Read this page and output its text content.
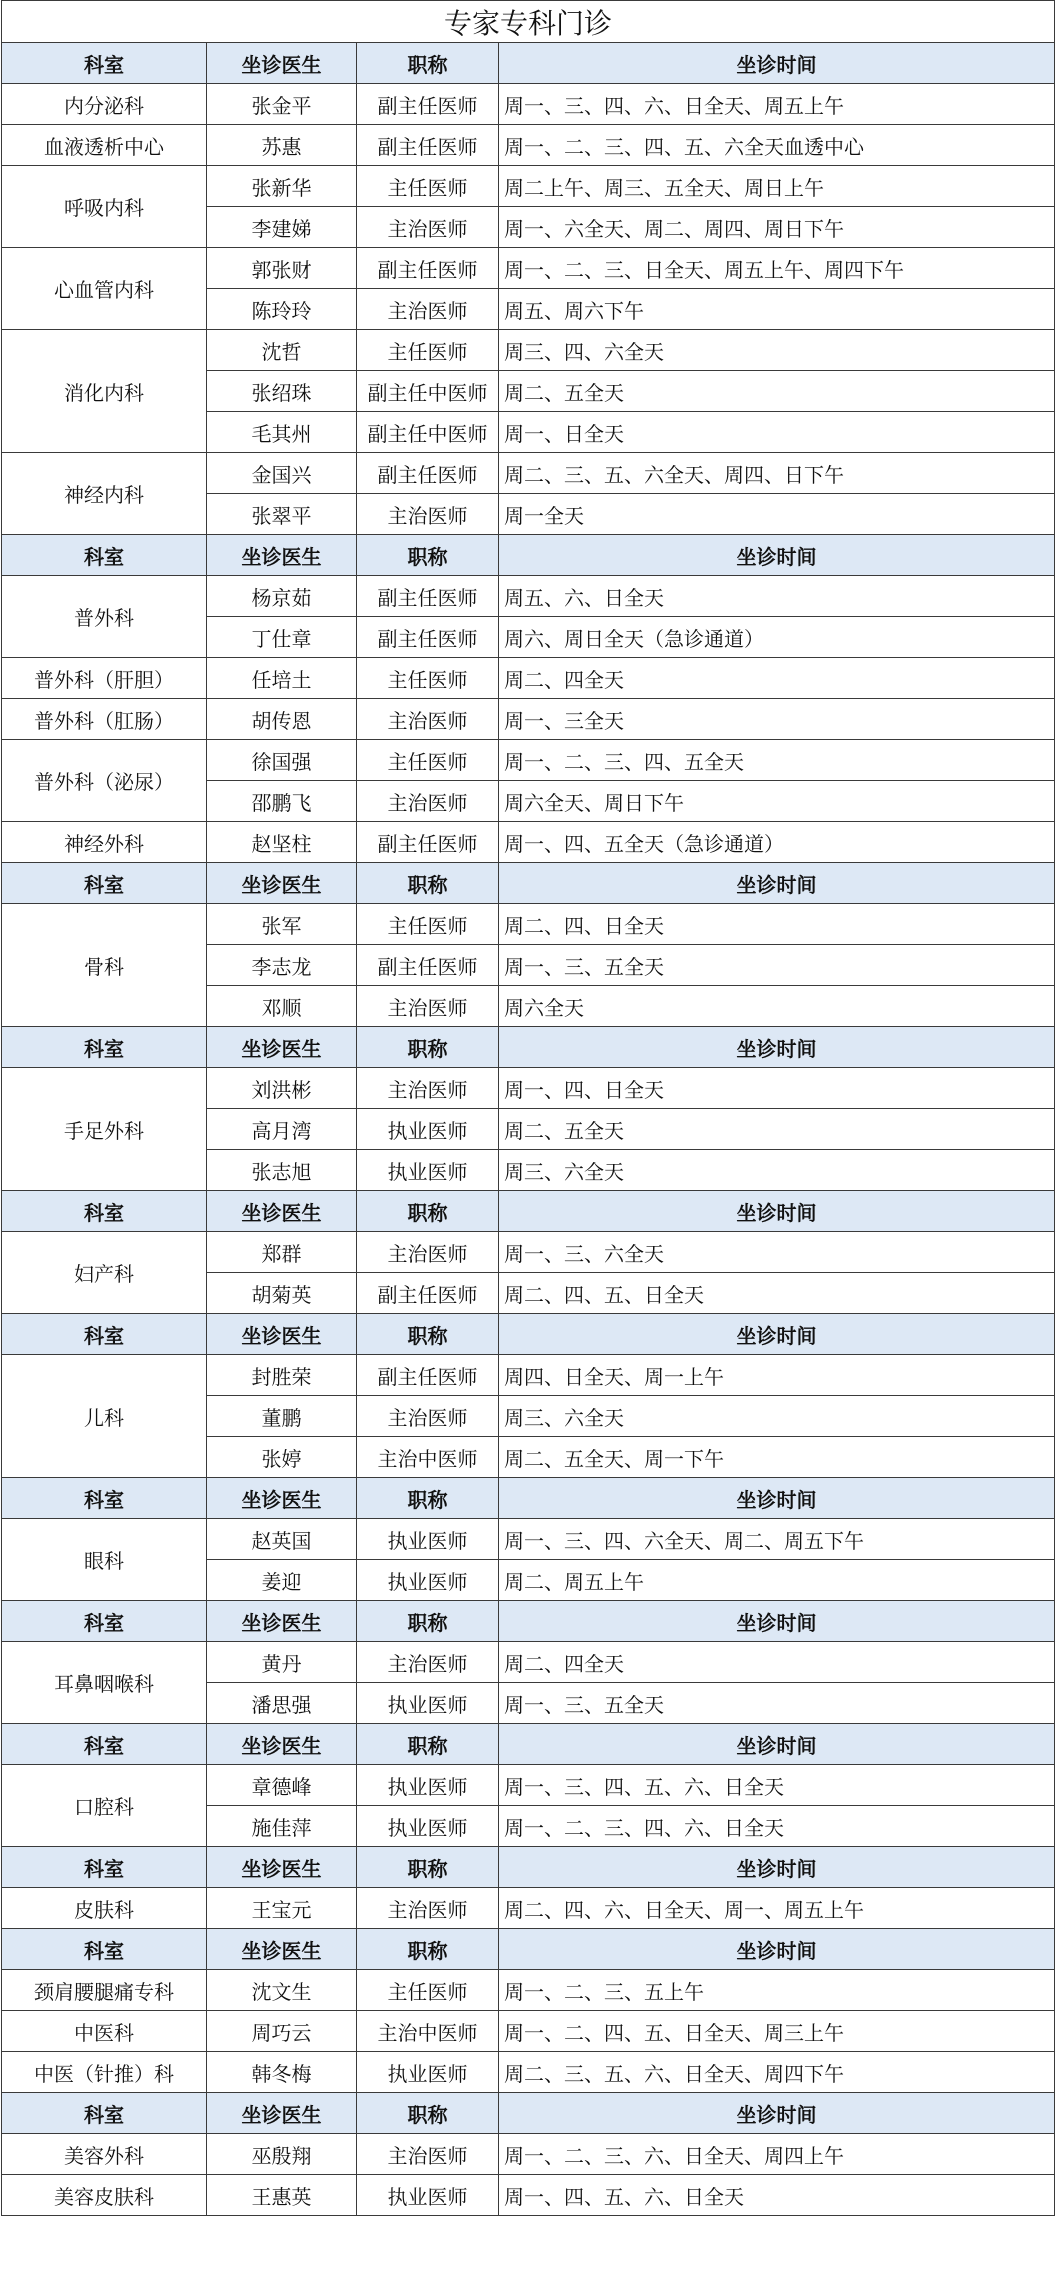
专家专科门诊			
科室	坐诊医生	职称	坐诊时间
内分泌科	张金平	副主任医师	周一、三、四、六、日全天、周五上午
血液透析中心	苏惠	副主任医师	周一、二、三、四、五、六全天血透中心
呼吸内科	张新华	主任医师	周二上午、周三、五全天、周日上午
	李建娣	主治医师	周一、六全天、周二、周四、周日下午
心血管内科	郭张财	副主任医师	周一、二、三、日全天、周五上午、周四下午
	陈玲玲	主治医师	周五、周六下午
消化内科	沈哲	主任医师	周三、四、六全天
	张绍珠	副主任中医师	周二、五全天
	毛其州	副主任中医师	周一、日全天
神经内科	金国兴	副主任医师	周二、三、五、六全天、周四、日下午
	张翠平	主治医师	周一全天
科室	坐诊医生	职称	坐诊时间
普外科	杨京茹	副主任医师	周五、六、日全天
	丁仕章	副主任医师	周六、周日全天（急诊通道）
普外科（肝胆）	任培土	主任医师	周二、四全天
普外科（肛肠）	胡传恩	主治医师	周一、三全天
普外科（泌尿）	徐国强	主任医师	周一、二、三、四、五全天
	邵鹏飞	主治医师	周六全天、周日下午
神经外科	赵坚柱	副主任医师	周一、四、五全天（急诊通道）
科室	坐诊医生	职称	坐诊时间
骨科	张军	主任医师	周二、四、日全天
	李志龙	副主任医师	周一、三、五全天
	邓顺	主治医师	周六全天
科室	坐诊医生	职称	坐诊时间
手足外科	刘洪彬	主治医师	周一、四、日全天
	高月湾	执业医师	周二、五全天
	张志旭	执业医师	周三、六全天
科室	坐诊医生	职称	坐诊时间
妇产科	郑群	主治医师	周一、三、六全天
	胡菊英	副主任医师	周二、四、五、日全天
科室	坐诊医生	职称	坐诊时间
儿科	封胜荣	副主任医师	周四、日全天、周一上午
	董鹏	主治医师	周三、六全天
	张婷	主治中医师	周二、五全天、周一下午
科室	坐诊医生	职称	坐诊时间
眼科	赵英国	执业医师	周一、三、四、六全天、周二、周五下午
	姜迎	执业医师	周二、周五上午
科室	坐诊医生	职称	坐诊时间
耳鼻咽喉科	黄丹	主治医师	周二、四全天
	潘思强	执业医师	周一、三、五全天
科室	坐诊医生	职称	坐诊时间
口腔科	章德峰	执业医师	周一、三、四、五、六、日全天
	施佳萍	执业医师	周一、二、三、四、六、日全天
科室	坐诊医生	职称	坐诊时间
皮肤科	王宝元	主治医师	周二、四、六、日全天、周一、周五上午
科室	坐诊医生	职称	坐诊时间
颈肩腰腿痛专科	沈文生	主任医师	周一、二、三、五上午
中医科	周巧云	主治中医师	周一、二、四、五、日全天、周三上午
中医（针推）科	韩冬梅	执业医师	周二、三、五、六、日全天、周四下午
科室	坐诊医生	职称	坐诊时间
美容外科	巫殷翔	主治医师	周一、二、三、六、日全天、周四上午
美容皮肤科	王惠英	执业医师	周一、四、五、六、日全天
